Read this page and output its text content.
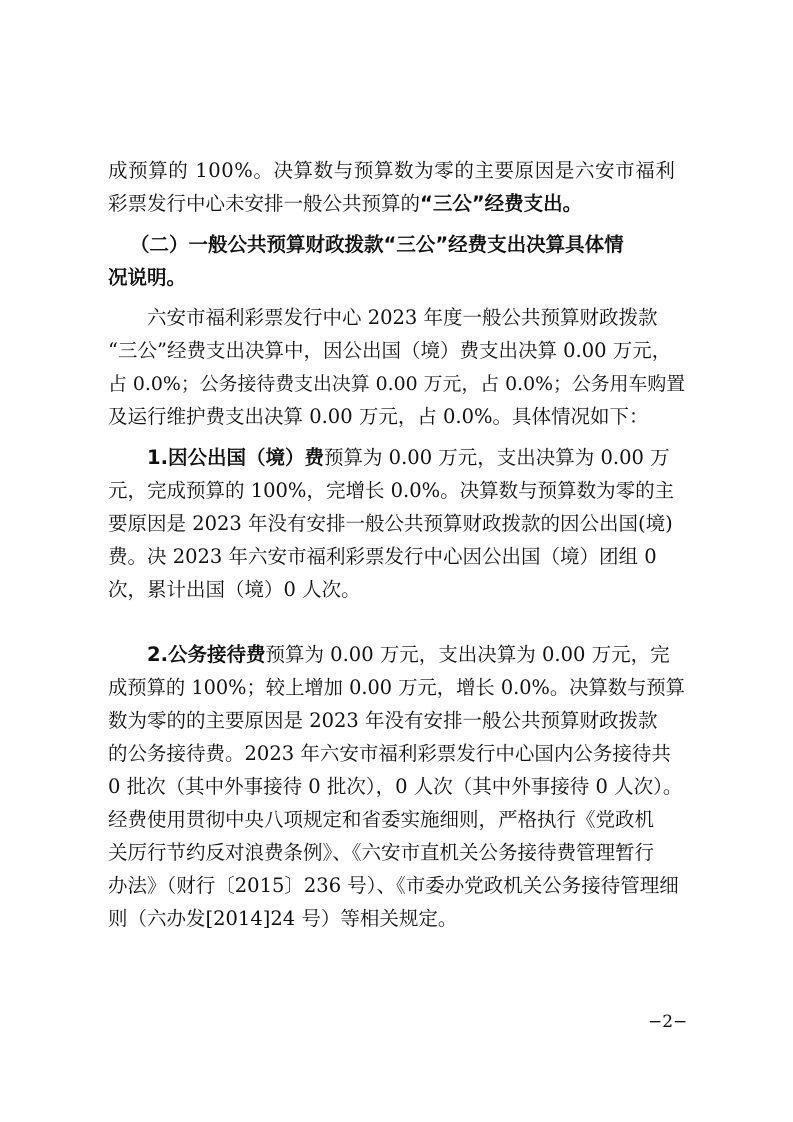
成预算的 100%。决算数与预算数为零的主要原因是六安市福利
彩票发行中心未安排一般公共预算的“三公”经费支出。
（二）一般公共预算财政拨款“三公”经费支出决算具体情
况说明。
六安市福利彩票发行中心 2023 年度一般公共预算财政拨款
“三公”经费支出决算中，因公出国（境）费支出决算 0.00 万元，
占 0.0%；公务接待费支出决算 0.00 万元，占 0.0%；公务用车购置
及运行维护费支出决算 0.00 万元，占 0.0%。具体情况如下：
1.因公出国（境）费预算为 0.00 万元，支出决算为 0.00 万
元，完成预算的 100%，完增长 0.0%。决算数与预算数为零的主
要原因是 2023 年没有安排一般公共预算财政拨款的因公出国(境)
费。决 2023 年六安市福利彩票发行中心因公出国（境）团组 0
次，累计出国（境）0 人次。
2.公务接待费预算为 0.00 万元，支出决算为 0.00 万元，完
成预算的 100%；较上增加 0.00 万元，增长 0.0%。决算数与预算
数为零的的主要原因是 2023 年没有安排一般公共预算财政拨款
的公务接待费。2023 年六安市福利彩票发行中心国内公务接待共
0 批次（其中外事接待 0 批次），0 人次（其中外事接待 0 人次）。
经费使用贯彻中央八项规定和省委实施细则，严格执行《党政机
关厉行节约反对浪费条例》、《六安市直机关公务接待费管理暂行
办法》（财行〔2015〕236 号）、《市委办党政机关公务接待管理细
则（六办发[2014]24 号）等相关规定。
−2−
